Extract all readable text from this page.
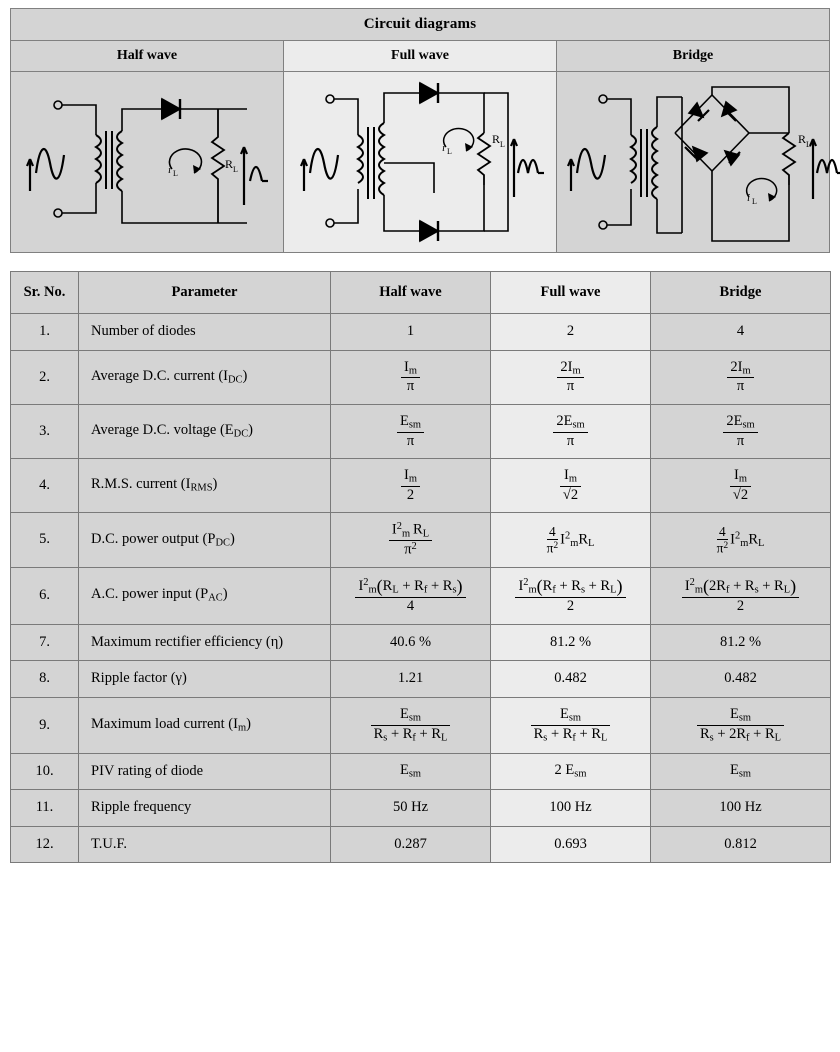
Circuit diagrams		
Half wave	Full wave	Bridge

i L
R L	i L
R L	i L
R L
Sr. No.	Parameter	Half wave	Full wave	Bridge
1.	Number of diodes	1	2	4
2.	Average D.C. current $(I_{DC})$	$\frac{I_m}{\pi}$	$\frac{2I_m}{\pi}$	$\frac{2I_m}{\pi}$

3.	Average D.C. voltage $(E_{DC})$	$\frac{E_{sm}}{\pi}$	$\frac{2E_{sm}}{\pi}$	$\frac{2E_{sm}}{\pi}$

4.	R.M.S. current $(I_{RMS})$	$\frac{I_m}{2}$	$\frac{I_m}{√2}$	$\frac{I_m}{√2}$

5.	D.C. power output $(P_{DC})$	$\frac{I^2_m R_L}{\pi^2}$	$\frac{4}{\pi^2} I^2_mR_L$	$\frac{4}{\pi^2} I^2_mR_L$
6.	A.C. power input $(P_{AC})$	$\frac{I^2_m(R_L + R_f + R_s)}{4}$	$\frac{I^2_m(R_f + R_s + R_L)}{2}$	$\frac{I^2_m(2R_f + R_s + R_L)}{2}$

7.	Maximum rectifier efficiency (η)	40.6 %	81.2 %	81.2 %
8.	Ripple factor (γ)	1.21	0.482	0.482
9.	Maximum load current $(I_m)$	$\frac{E_{sm}}{R_s + R_f + R_L}$	$\frac{E_{sm}}{R_s + R_f + R_L}$	$\frac{E_{sm}}{R_s + 2R_f + R_L}$

10.	PIV rating of diode	$E_{sm}$	2 $E_{sm}$	$E_{sm}$
11.	Ripple frequency	50 Hz	100 Hz	100 Hz
12.	T.U.F.	0.287	0.693	0.812
